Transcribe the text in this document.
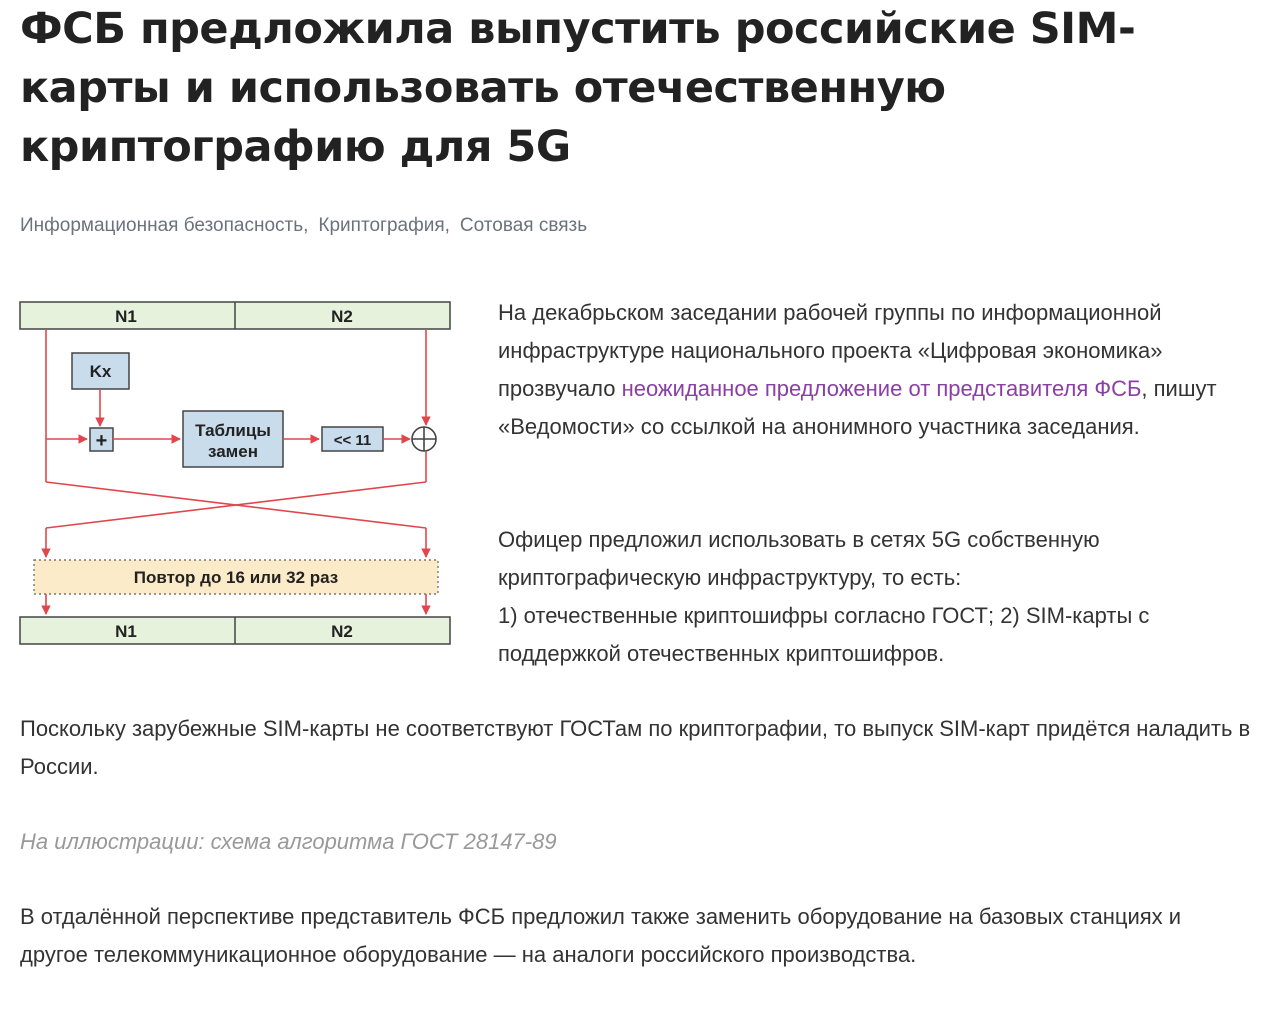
ФСБ предложила выпустить российские SIM-карты и использовать отечественную криптографию для 5G
Информационная безопасность, Криптография, Сотовая связь
N1	N2
Kx
+	Таблицы
замен
<< 11
Повтор до 16 или 32 раз
N1	N2

На декабрьском заседании рабочей группы по информационной инфраструктуре национального проекта «Цифровая экономика» прозвучало неожиданное предложение от представителя ФСБ, пишут «Ведомости» со ссылкой на анонимного участника заседания.

Офицер предложил использовать в сетях 5G собственную криптографическую инфраструктуру, то есть:
1) отечественные криптошифры согласно ГОСТ; 2) SIM-карты с поддержкой отечественных криптошифров.

Поскольку зарубежные SIM-карты не соответствуют ГОСТам по криптографии, то выпуск SIM-карт придётся наладить в России.

На иллюстрации: схема алгоритма ГОСТ 28147-89

В отдалённой перспективе представитель ФСБ предложил также заменить оборудование на базовых станциях и другое телекоммуникационное оборудование — на аналоги российского производства.
